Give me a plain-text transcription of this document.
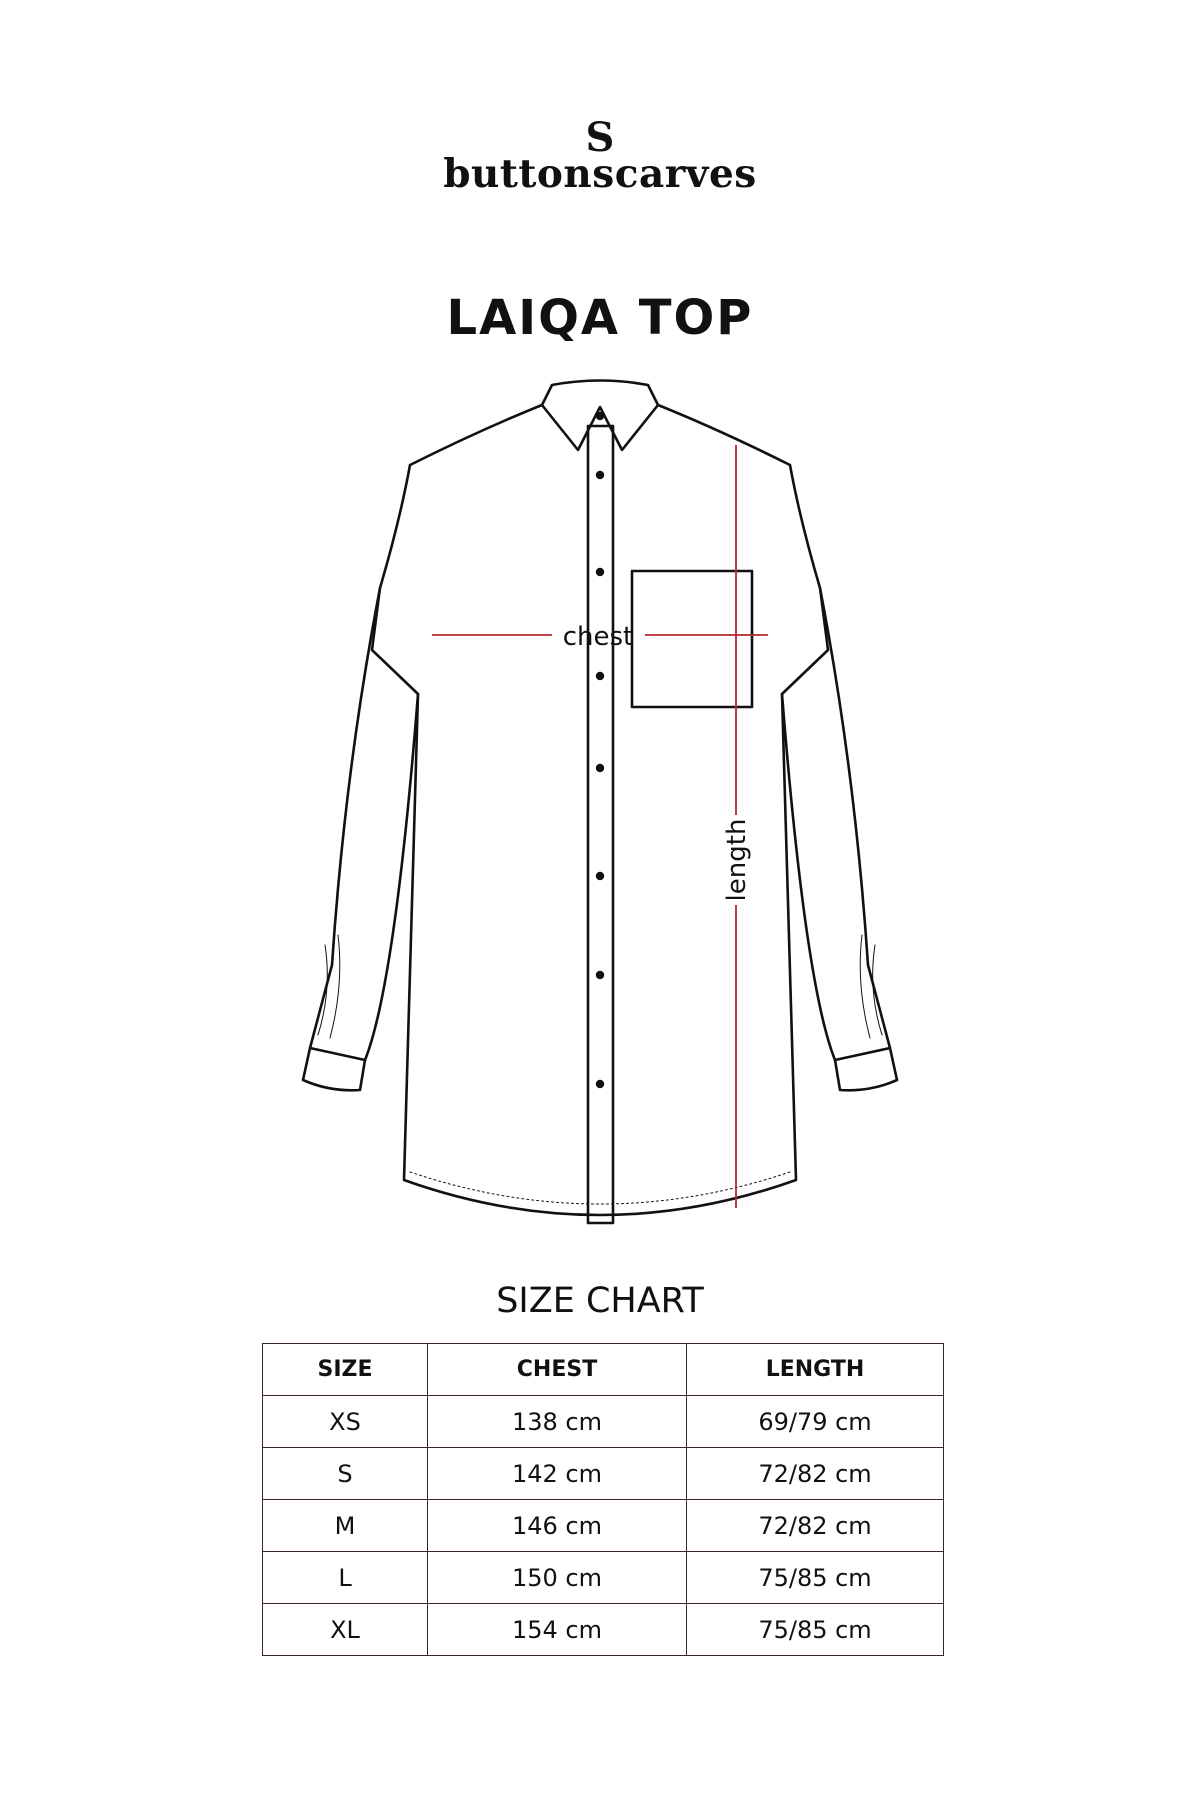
S
buttonscarves
LAIQA TOP
chest
length
SIZE CHART
SIZE	CHEST	LENGTH
XS	138 cm	69/79 cm
S	142 cm	72/82 cm
M	146 cm	72/82 cm
L	150 cm	75/85 cm
XL	154 cm	75/85 cm
